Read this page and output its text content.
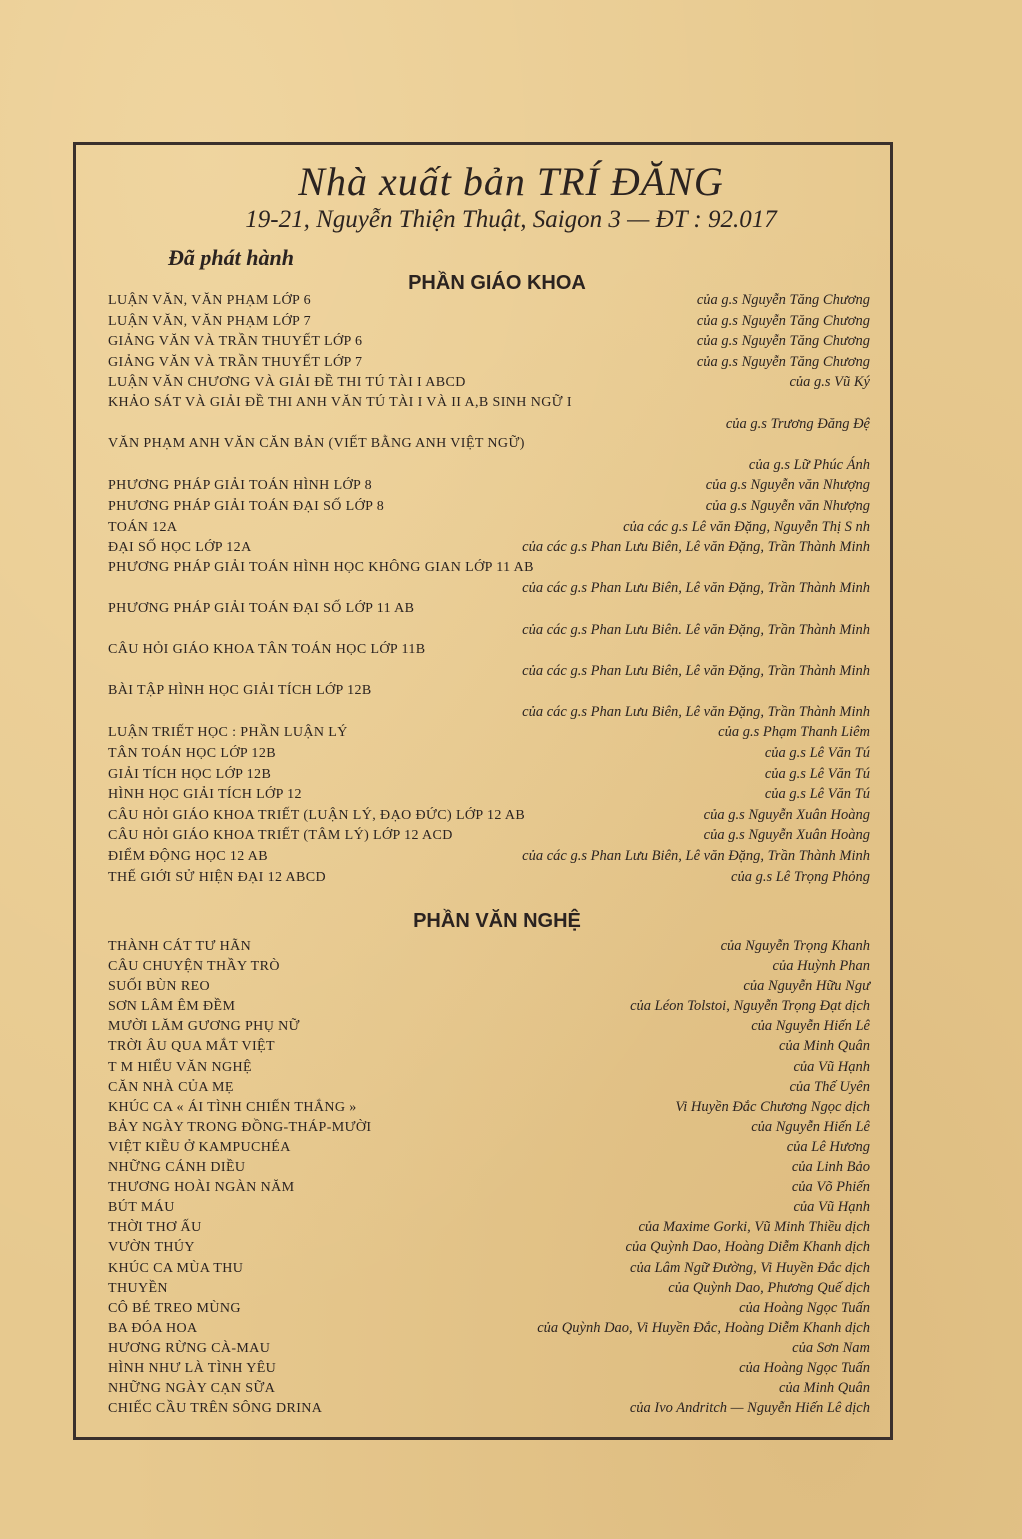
Nhà xuất bản TRÍ ĐĂNG
19-21, Nguyễn Thiện Thuật, Saigon 3 — ĐT : 92.017
Đã phát hành
PHẦN GIÁO KHOA
LUẬN VĂN, VĂN PHẠM LỚP 6	của g.s Nguyễn Tăng Chương
LUẬN VĂN, VĂN PHẠM LỚP 7	của g.s Nguyễn Tăng Chương
GIẢNG VĂN VÀ TRẦN THUYẾT LỚP 6	của g.s Nguyễn Tăng Chương
GIẢNG VĂN VÀ TRẦN THUYẾT LỚP 7	của g.s Nguyễn Tăng Chương
LUẬN VĂN CHƯƠNG VÀ GIẢI ĐỀ THI TÚ TÀI I ABCD	của g.s Vũ Ký
KHẢO SÁT VÀ GIẢI ĐỀ THI ANH VĂN TÚ TÀI I VÀ II A,B SINH NGỮ I
của g.s Trương Đăng Đệ
VĂN PHẠM ANH VĂN CĂN BẢN (VIẾT BẰNG ANH VIỆT NGỮ)
của g.s Lữ Phúc Ánh
PHƯƠNG PHÁP GIẢI TOÁN HÌNH LỚP 8	của g.s Nguyễn văn Nhượng
PHƯƠNG PHÁP GIẢI TOÁN ĐẠI SỐ LỚP 8	của g.s Nguyễn văn Nhượng
TOÁN 12A	của các g.s Lê văn Đặng, Nguyễn Thị S nh
ĐẠI SỐ HỌC LỚP 12A	của các g.s Phan Lưu Biên, Lê văn Đặng, Trần Thành Minh
PHƯƠNG PHÁP GIẢI TOÁN HÌNH HỌC KHÔNG GIAN LỚP 11 AB
của các g.s Phan Lưu Biên, Lê văn Đặng, Trần Thành Minh
PHƯƠNG PHÁP GIẢI TOÁN ĐẠI SỐ LỚP 11 AB
của các g.s Phan Lưu Biên. Lê văn Đặng, Trần Thành Minh
CÂU HỎI GIÁO KHOA TÂN TOÁN HỌC LỚP 11B
của các g.s Phan Lưu Biên, Lê văn Đặng, Trần Thành Minh
BÀI TẬP HÌNH HỌC GIẢI TÍCH LỚP 12B
của các g.s Phan Lưu Biên, Lê văn Đặng, Trần Thành Minh
LUẬN TRIẾT HỌC : PHẦN LUẬN LÝ	của g.s Phạm Thanh Liêm
TÂN TOÁN HỌC LỚP 12B	của g.s Lê Văn Tú
GIẢI TÍCH HỌC LỚP 12B	của g.s Lê Văn Tú
HÌNH HỌC GIẢI TÍCH LỚP 12	của g.s Lê Văn Tú
CÂU HỎI GIÁO KHOA TRIẾT (LUẬN LÝ, ĐẠO ĐỨC) LỚP 12 AB	của g.s Nguyễn Xuân Hoàng
CÂU HỎI GIÁO KHOA TRIẾT (TÂM LÝ) LỚP 12 ACD	của g.s Nguyễn Xuân Hoàng
ĐIỂM ĐỘNG HỌC 12 AB	của các g.s Phan Lưu Biên, Lê văn Đặng, Trần Thành Minh
THẾ GIỚI SỬ HIỆN ĐẠI 12 ABCD	của g.s Lê Trọng Phỏng
PHẦN VĂN NGHỆ
THÀNH CÁT TƯ HÃN	của Nguyễn Trọng Khanh
CÂU CHUYỆN THẦY TRÒ	của Huỳnh Phan
SUỐI BÙN REO	của Nguyễn Hữu Ngư
SƠN LÂM ÊM ĐỀM	của Léon Tolstoi, Nguyễn Trọng Đạt dịch
MƯỜI LĂM GƯƠNG PHỤ NỮ	của Nguyễn Hiến Lê
TRỜI ÂU QUA MẮT VIỆT	của Minh Quân
T M HIỂU VĂN NGHỆ	của Vũ Hạnh
CĂN NHÀ CỦA MẸ	của Thế Uyên
KHÚC CA « ÁI TÌNH CHIẾN THẮNG »	Vi Huyền Đắc Chương Ngọc dịch
BẢY NGÀY TRONG ĐỒNG-THÁP-MƯỜI	của Nguyễn Hiến Lê
VIỆT KIỀU Ở KAMPUCHÉA	của Lê Hương
NHỮNG CÁNH DIỀU	của Linh Bảo
THƯƠNG HOÀI NGÀN NĂM	của Võ Phiến
BÚT MÁU	của Vũ Hạnh
THỜI THƠ ẤU	của Maxime Gorki, Vũ Minh Thiều dịch
VƯỜN THÚY	của Quỳnh Dao, Hoàng Diễm Khanh dịch
KHÚC CA MÙA THU	của Lâm Ngữ Đường, Vi Huyền Đắc dịch
THUYỀN	của Quỳnh Dao, Phương Quế dịch
CÔ BÉ TREO MÙNG	của Hoàng Ngọc Tuấn
BA ĐÓA HOA	của Quỳnh Dao, Vi Huyền Đắc, Hoàng Diễm Khanh dịch
HƯƠNG RỪNG CÀ-MAU	của Sơn Nam
HÌNH NHƯ LÀ TÌNH YÊU	của Hoàng Ngọc Tuấn
NHỮNG NGÀY CẠN SỮA	của Minh Quân
CHIẾC CẦU TRÊN SÔNG DRINA	của Ivo Andritch — Nguyễn Hiến Lê dịch
